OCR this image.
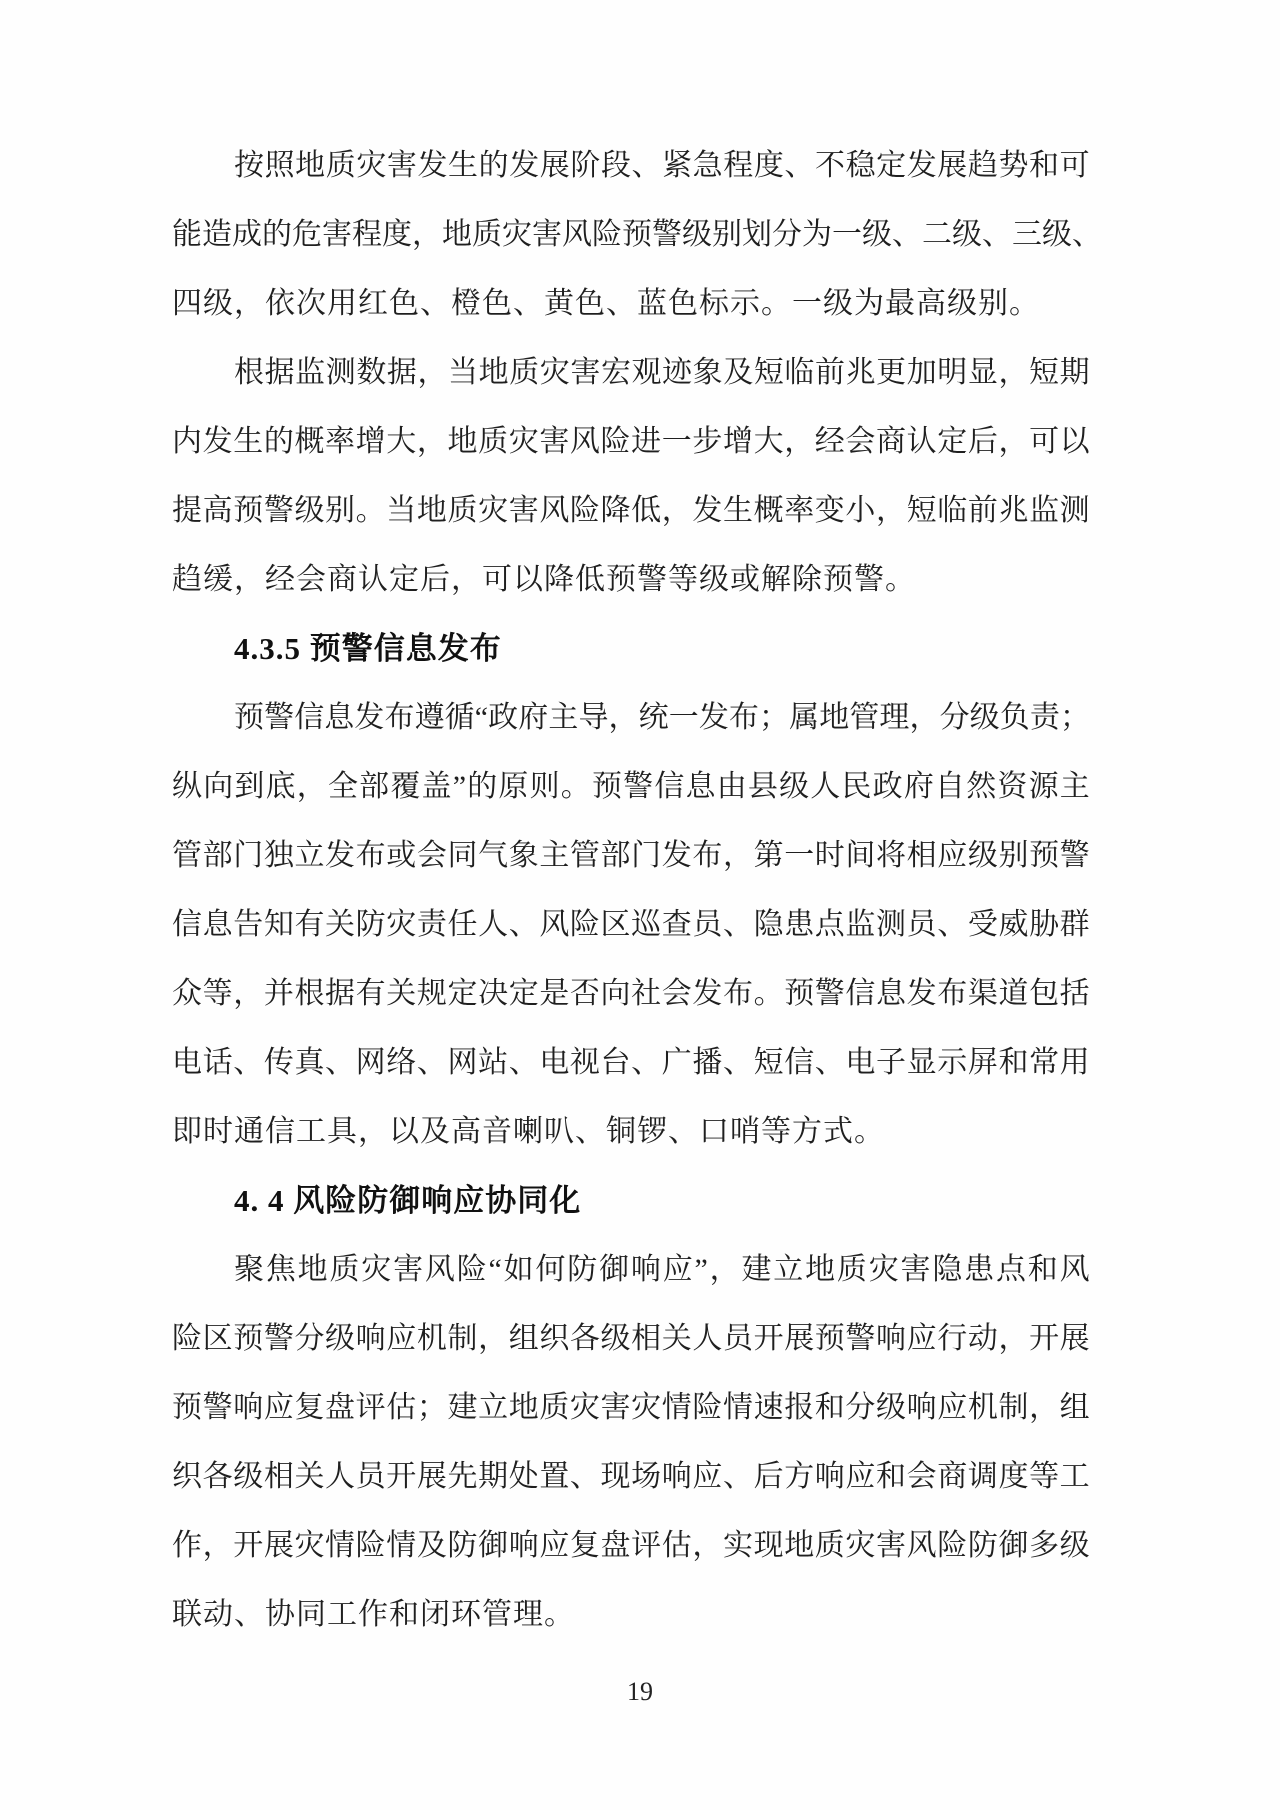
按 照 地 质 灾 害 发 生 的 发 展 阶 段 、 紧 急 程 度 、 不 稳 定 发 展 趋 势 和 可
能 造 成 的 危 害 程 度 ， 地 质 灾 害 风 险 预 警 级 别 划 分 为 一 级 、 二 级 、 三 级 、
四级，依次用红色、橙色、黄色、蓝色标示。一级为最高级别。
根 据 监 测 数 据 ， 当 地 质 灾 害 宏 观 迹 象 及 短 临 前 兆 更 加 明 显 ， 短 期
内 发 生 的 概 率 增 大 ， 地 质 灾 害 风 险 进 一 步 增 大 ， 经 会 商 认 定 后 ， 可 以
提 高 预 警 级 别 。 当 地 质 灾 害 风 险 降 低 ， 发 生 概 率 变 小 ， 短 临 前 兆 监 测
趋缓，经会商认定后，可以降低预警等级或解除预警。
4.3.5 预警信息发布
预 警 信 息 发 布 遵 循 “ 政 府 主 导 ， 统 一 发 布 ； 属 地 管 理 ， 分 级 负 责 ；
纵 向 到 底 ， 全 部 覆 盖 ” 的 原 则 。 预 警 信 息 由 县 级 人 民 政 府 自 然 资 源 主
管 部 门 独 立 发 布 或 会 同 气 象 主 管 部 门 发 布 ， 第 一 时 间 将 相 应 级 别 预 警
信 息 告 知 有 关 防 灾 责 任 人 、 风 险 区 巡 查 员 、 隐 患 点 监 测 员 、 受 威 胁 群
众 等 ， 并 根 据 有 关 规 定 决 定 是 否 向 社 会 发 布 。 预 警 信 息 发 布 渠 道 包 括
电 话 、 传 真 、 网 络 、 网 站 、 电 视 台 、 广 播 、 短 信 、 电 子 显 示 屏 和 常 用
即时通信工具，以及高音喇叭、铜锣、口哨等方式。
4. 4 风险防御响应协同化
聚 焦 地 质 灾 害 风 险 “ 如 何 防 御 响 应 ” ， 建 立 地 质 灾 害 隐 患 点 和 风
险 区 预 警 分 级 响 应 机 制 ， 组 织 各 级 相 关 人 员 开 展 预 警 响 应 行 动 ， 开 展
预 警 响 应 复 盘 评 估 ； 建 立 地 质 灾 害 灾 情 险 情 速 报 和 分 级 响 应 机 制 ， 组
织 各 级 相 关 人 员 开 展 先 期 处 置 、 现 场 响 应 、 后 方 响 应 和 会 商 调 度 等 工
作 ， 开 展 灾 情 险 情 及 防 御 响 应 复 盘 评 估 ， 实 现 地 质 灾 害 风 险 防 御 多 级
联动、协同工作和闭环管理。
19
